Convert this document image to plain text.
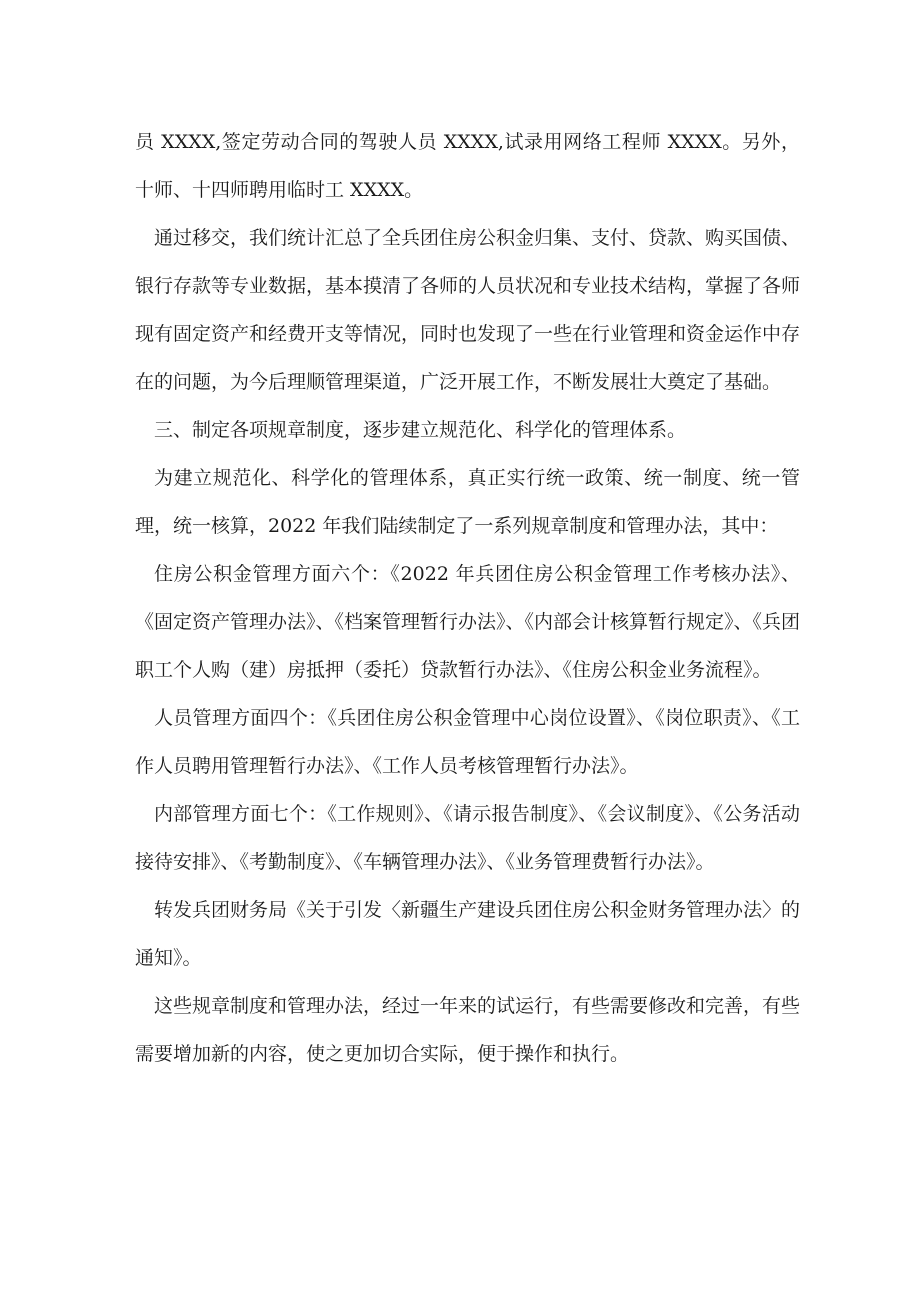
员 XXXX,签定劳动合同的驾驶人员 XXXX,试录用网络工程师 XXXX。另外，十师、十四师聘用临时工 XXXX。

通过移交，我们统计汇总了全兵团住房公积金归集、支付、贷款、购买国债、银行存款等专业数据，基本摸清了各师的人员状况和专业技术结构，掌握了各师现有固定资产和经费开支等情况，同时也发现了一些在行业管理和资金运作中存在的问题，为今后理顺管理渠道，广泛开展工作，不断发展壮大奠定了基础。

三、制定各项规章制度，逐步建立规范化、科学化的管理体系。

为建立规范化、科学化的管理体系，真正实行统一政策、统一制度、统一管理，统一核算，2022 年我们陆续制定了一系列规章制度和管理办法，其中：

住房公积金管理方面六个：《2022 年兵团住房公积金管理工作考核办法》、《固定资产管理办法》、《档案管理暂行办法》、《内部会计核算暂行规定》、《兵团职工个人购（建）房抵押（委托）贷款暂行办法》、《住房公积金业务流程》。

人员管理方面四个：《兵团住房公积金管理中心岗位设置》、《岗位职责》、《工作人员聘用管理暂行办法》、《工作人员考核管理暂行办法》。

内部管理方面七个：《工作规则》、《请示报告制度》、《会议制度》、《公务活动接待安排》、《考勤制度》、《车辆管理办法》、《业务管理费暂行办法》。

转发兵团财务局《关于引发〈新疆生产建设兵团住房公积金财务管理办法〉的通知》。

这些规章制度和管理办法，经过一年来的试运行，有些需要修改和完善，有些需要增加新的内容，使之更加切合实际，便于操作和执行。
